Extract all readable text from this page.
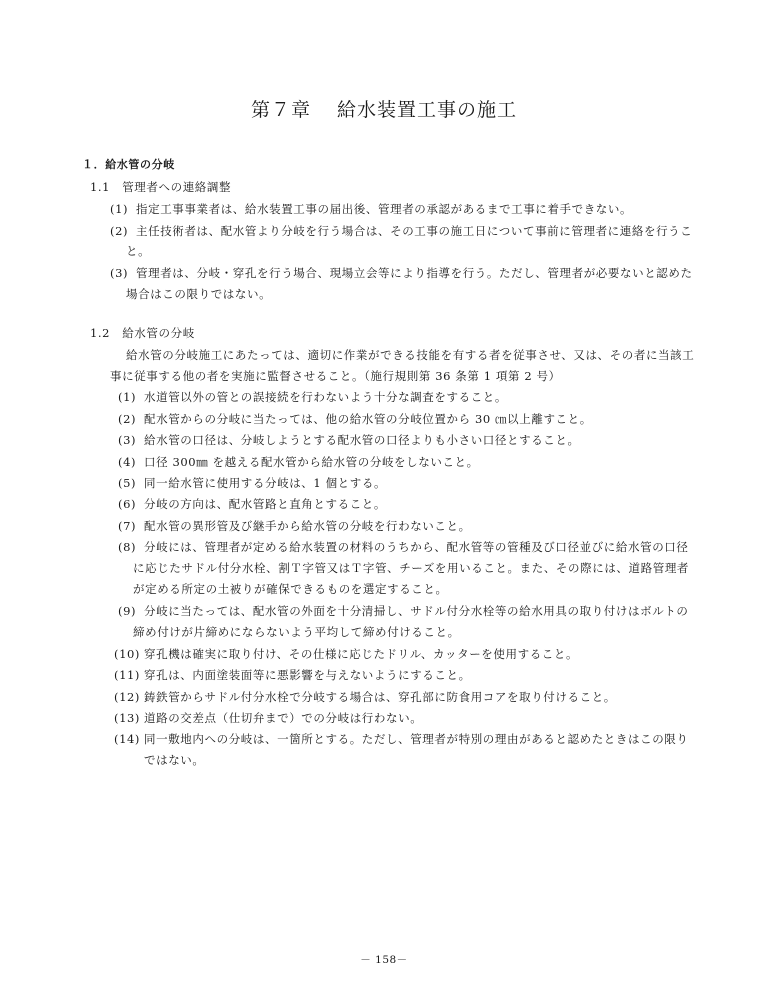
第７章 給水装置工事の施工
１．給水管の分岐
1.1　管理者への連絡調整
(1) 指定工事事業者は、給水装置工事の届出後、管理者の承認があるまで工事に着手できない。
(2) 主任技術者は、配水管より分岐を行う場合は、その工事の施工日について事前に管理者に連絡を行うこ
と。
(3) 管理者は、分岐・穿孔を行う場合、現場立会等により指導を行う。ただし、管理者が必要ないと認めた
場合はこの限りではない。
1.2　給水管の分岐
給水管の分岐施工にあたっては、適切に作業ができる技能を有する者を従事させ、又は、その者に当該工
事に従事する他の者を実施に監督させること。（施行規則第 36 条第 1 項第 2 号）
(1) 水道管以外の管との誤接続を行わないよう十分な調査をすること。
(2) 配水管からの分岐に当たっては、他の給水管の分岐位置から 30 ㎝以上離すこと。
(3) 給水管の口径は、分岐しようとする配水管の口径よりも小さい口径とすること。
(4) 口径 300㎜ を越える配水管から給水管の分岐をしないこと。
(5) 同一給水管に使用する分岐は、1 個とする。
(6) 分岐の方向は、配水管路と直角とすること。
(7) 配水管の異形管及び継手から給水管の分岐を行わないこと。
(8) 分岐には、管理者が定める給水装置の材料のうちから、配水管等の管種及び口径並びに給水管の口径
に応じたサドル付分水栓、割Ｔ字管又はＴ字管、チーズを用いること。また、その際には、道路管理者
が定める所定の土被りが確保できるものを選定すること。
(9) 分岐に当たっては、配水管の外面を十分清掃し、サドル付分水栓等の給水用具の取り付けはボルトの
締め付けが片締めにならないよう平均して締め付けること。
(10) 穿孔機は確実に取り付け、その仕様に応じたドリル、カッターを使用すること。
(11) 穿孔は、内面塗装面等に悪影響を与えないようにすること。
(12) 鋳鉄管からサドル付分水栓で分岐する場合は、穿孔部に防食用コアを取り付けること。
(13) 道路の交差点（仕切弁まで）での分岐は行わない。
(14) 同一敷地内への分岐は、一箇所とする。ただし、管理者が特別の理由があると認めたときはこの限り
ではない。
－ 158－
